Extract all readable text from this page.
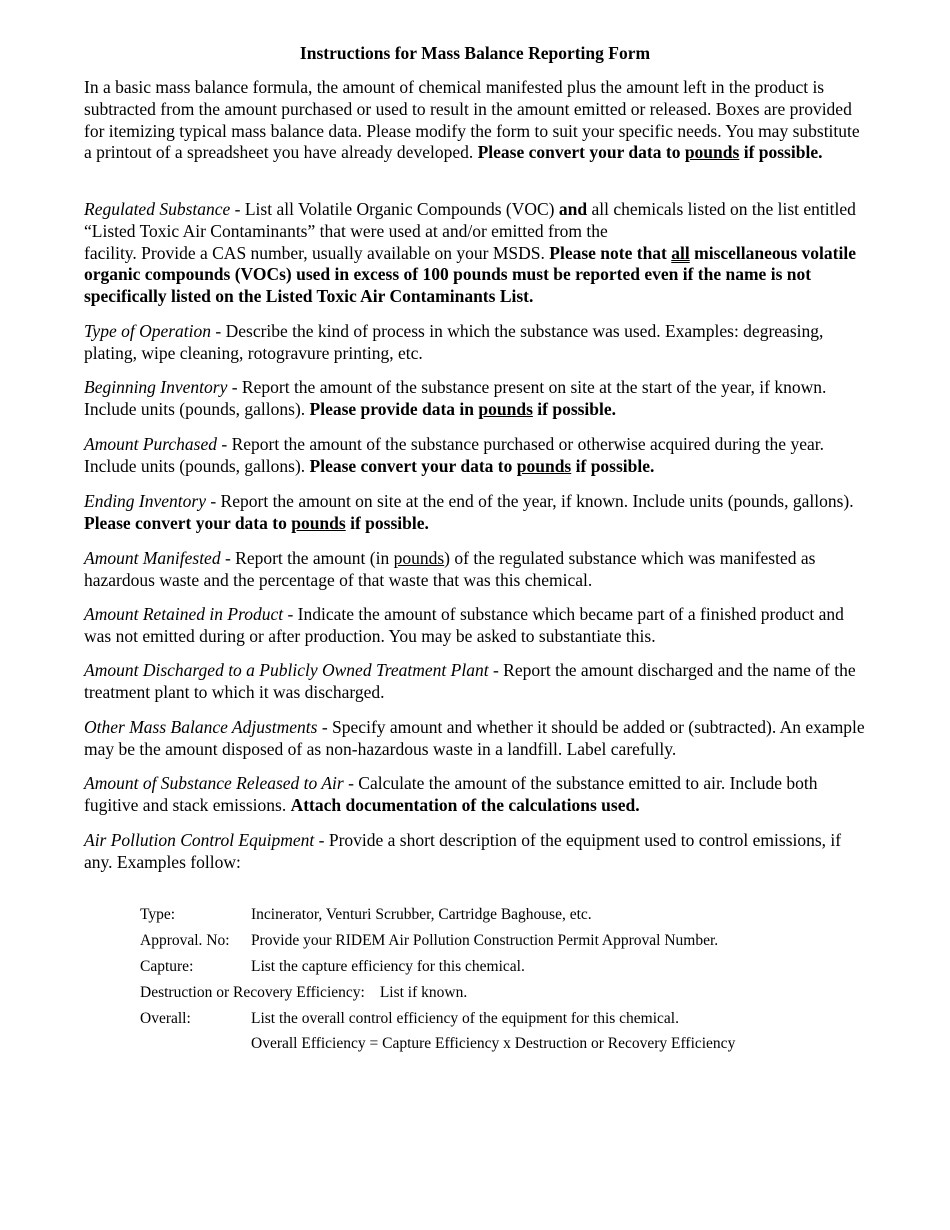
Instructions for Mass Balance Reporting Form

In a basic mass balance formula, the amount of chemical manifested plus the amount left in the product is subtracted from the amount purchased or used to result in the amount emitted or released. Boxes are provided for itemizing typical mass balance data. Please modify the form to suit your specific needs. You may substitute a printout of a spreadsheet you have already developed. Please convert your data to pounds if possible.

Regulated Substance - List all Volatile Organic Compounds (VOC) and all chemicals listed on the list entitled “Listed Toxic Air Contaminants” that were used at and/or emitted from the
facility. Provide a CAS number, usually available on your MSDS. Please note that all miscellaneous volatile organic compounds (VOCs) used in excess of 100 pounds must be reported even if the name is not specifically listed on the Listed Toxic Air Contaminants List.

Type of Operation - Describe the kind of process in which the substance was used. Examples: degreasing, plating, wipe cleaning, rotogravure printing, etc.

Beginning Inventory - Report the amount of the substance present on site at the start of the year, if known. Include units (pounds, gallons). Please provide data in pounds if possible.

Amount Purchased - Report the amount of the substance purchased or otherwise acquired during the year. Include units (pounds, gallons). Please convert your data to pounds if possible.

Ending Inventory - Report the amount on site at the end of the year, if known. Include units (pounds, gallons). Please convert your data to pounds if possible.

Amount Manifested - Report the amount (in pounds) of the regulated substance which was manifested as hazardous waste and the percentage of that waste that was this chemical.

Amount Retained in Product - Indicate the amount of substance which became part of a finished product and was not emitted during or after production. You may be asked to substantiate this.

Amount Discharged to a Publicly Owned Treatment Plant - Report the amount discharged and the name of the treatment plant to which it was discharged.

Other Mass Balance Adjustments - Specify amount and whether it should be added or (subtracted). An example may be the amount disposed of as non-hazardous waste in a landfill. Label carefully.

Amount of Substance Released to Air - Calculate the amount of the substance emitted to air. Include both fugitive and stack emissions. Attach documentation of the calculations used.

Air Pollution Control Equipment - Provide a short description of the equipment used to control emissions, if any. Examples follow:

Type:	Incinerator, Venturi Scrubber, Cartridge Baghouse, etc.
Approval. No: Provide your RIDEM Air Pollution Construction Permit Approval Number.
Capture:	List the capture efficiency for this chemical.
Destruction or Recovery Efficiency: List if known.
Overall:	List the overall control efficiency of the equipment for this chemical.
Overall Efficiency = Capture Efficiency x Destruction or Recovery Efficiency
